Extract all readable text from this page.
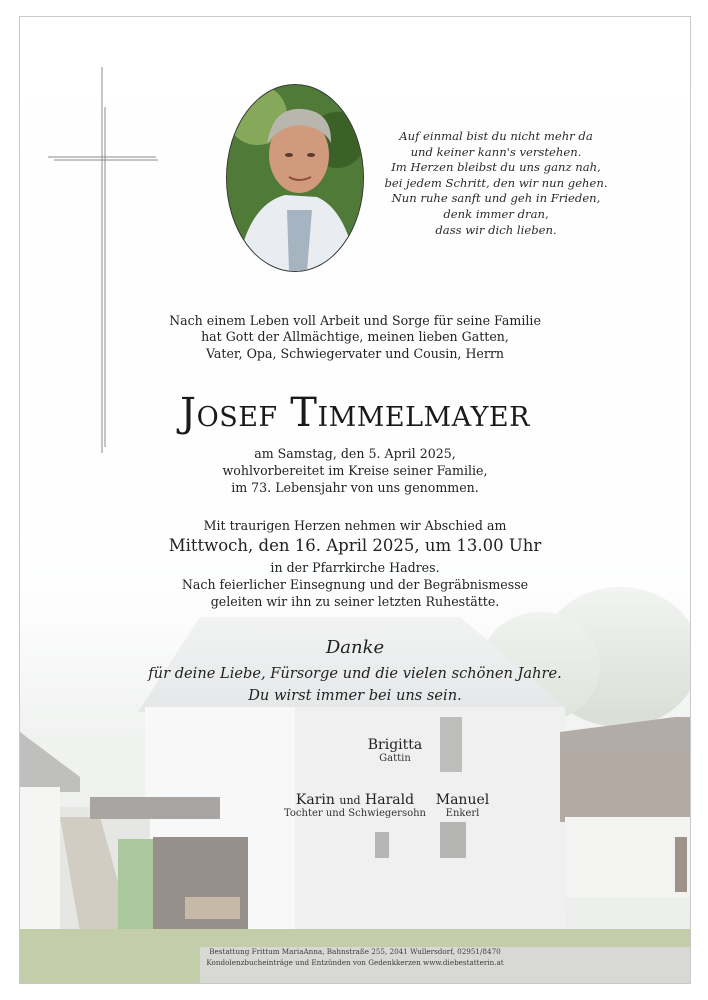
Auf einmal bist du nicht mehr da
und keiner kann's verstehen.
Im Herzen bleibst du uns ganz nah,
bei jedem Schritt, den wir nun gehen.
Nun ruhe sanft und geh in Frieden,
denk immer dran,
dass wir dich lieben.
Nach einem Leben voll Arbeit und Sorge für seine Familie
hat Gott der Allmächtige, meinen lieben Gatten,
Vater, Opa, Schwiegervater und Cousin, Herrn
Josef Timmelmayer
am Samstag, den 5. April 2025,
wohlvorbereitet im Kreise seiner Familie,
im 73. Lebensjahr von uns genommen.
Mit traurigen Herzen nehmen wir Abschied am
Mittwoch, den 16. April 2025, um 13.00 Uhr
in der Pfarrkirche Hadres.
Nach feierlicher Einsegnung und der Begräbnismesse
geleiten wir ihn zu seiner letzten Ruhestätte.
Danke
für deine Liebe, Fürsorge und die vielen schönen Jahre.
Du wirst immer bei uns sein.
Brigitta
Gattin
Karin und Harald
Tochter und Schwiegersohn
Manuel
Enkerl
Bestattung Frittum MariaAnna, Bahnstraße 255, 2041 Wullersdorf, 02951/8470
Kondolenzbucheinträge und Entzünden von Gedenkkerzen www.diebestatterin.at
